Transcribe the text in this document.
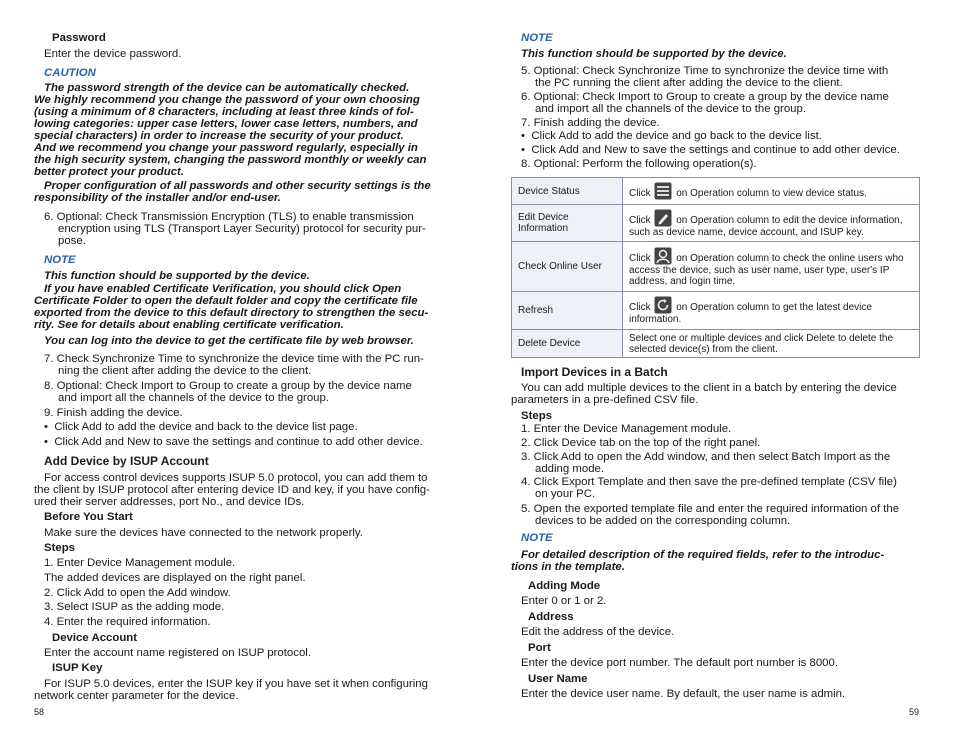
Password
Enter the device password.
CAUTION
The password strength of the device can be automatically checked.
We highly recommend you change the password of your own choosing
(using a minimum of 8 characters, including at least three kinds of fol-
lowing categories: upper case letters, lower case letters, numbers, and
special characters) in order to increase the security of your product.
And we recommend you change your password regularly, especially in
the high security system, changing the password monthly or weekly can
better protect your product.
Proper configuration of all passwords and other security settings is the
responsibility of the installer and/or end-user.
6. Optional: Check Transmission Encryption (TLS) to enable transmission
encryption using TLS (Transport Layer Security) protocol for security pur-
pose.
NOTE
This function should be supported by the device.
If you have enabled Certificate Verification, you should click Open
Certificate Folder to open the default folder and copy the certificate file
exported from the device to this default directory to strengthen the secu-
rity. See for details about enabling certificate verification.
You can log into the device to get the certificate file by web browser.
7. Check Synchronize Time to synchronize the device time with the PC run-
ning the client after adding the device to the client.
8. Optional: Check Import to Group to create a group by the device name
and import all the channels of the device to the group.
9. Finish adding the device.
•  Click Add to add the device and back to the device list page.
•  Click Add and New to save the settings and continue to add other device.
Add Device by ISUP Account
For access control devices supports ISUP 5.0 protocol, you can add them to
the client by ISUP protocol after entering device ID and key, if you have config-
ured their server addresses, port No., and device IDs.
Before You Start
Make sure the devices have connected to the network properly.
Steps
1. Enter Device Management module.
The added devices are displayed on the right panel.
2. Click Add to open the Add window.
3. Select ISUP as the adding mode.
4. Enter the required information.
Device Account
Enter the account name registered on ISUP protocol.
ISUP Key
For ISUP 5.0 devices, enter the ISUP key if you have set it when configuring
network center parameter for the device.
58
NOTE
This function should be supported by the device.
5. Optional: Check Synchronize Time to synchronize the device time with
the PC running the client after adding the device to the client.
6. Optional: Check Import to Group to create a group by the device name
and import all the channels of the device to the group.
7. Finish adding the device.
•  Click Add to add the device and go back to the device list.
•  Click Add and New to save the settings and continue to add other device.
8. Optional: Perform the following operation(s).
Device Status	Click on Operation column to view device status.
Edit Device Information	Click on Operation column to edit the device information, such as device name, device account, and ISUP key.
Check Online User	Click on Operation column to check the online users who access the device, such as user name, user type, user's IP address, and login time.
Refresh	Click on Operation column to get the latest device information.
Delete Device	Select one or multiple devices and click Delete to delete the selected device(s) from the client.
Import Devices in a Batch
You can add multiple devices to the client in a batch by entering the device
parameters in a pre-defined CSV file.
Steps
1. Enter the Device Management module.
2. Click Device tab on the top of the right panel.
3. Click Add to open the Add window, and then select Batch Import as the
adding mode.
4. Click Export Template and then save the pre-defined template (CSV file)
on your PC.
5. Open the exported template file and enter the required information of the
devices to be added on the corresponding column.
NOTE
For detailed description of the required fields, refer to the introduc-
tions in the template.
Adding Mode
Enter 0 or 1 or 2.
Address
Edit the address of the device.
Port
Enter the device port number. The default port number is 8000.
User Name
Enter the device user name. By default, the user name is admin.
59
